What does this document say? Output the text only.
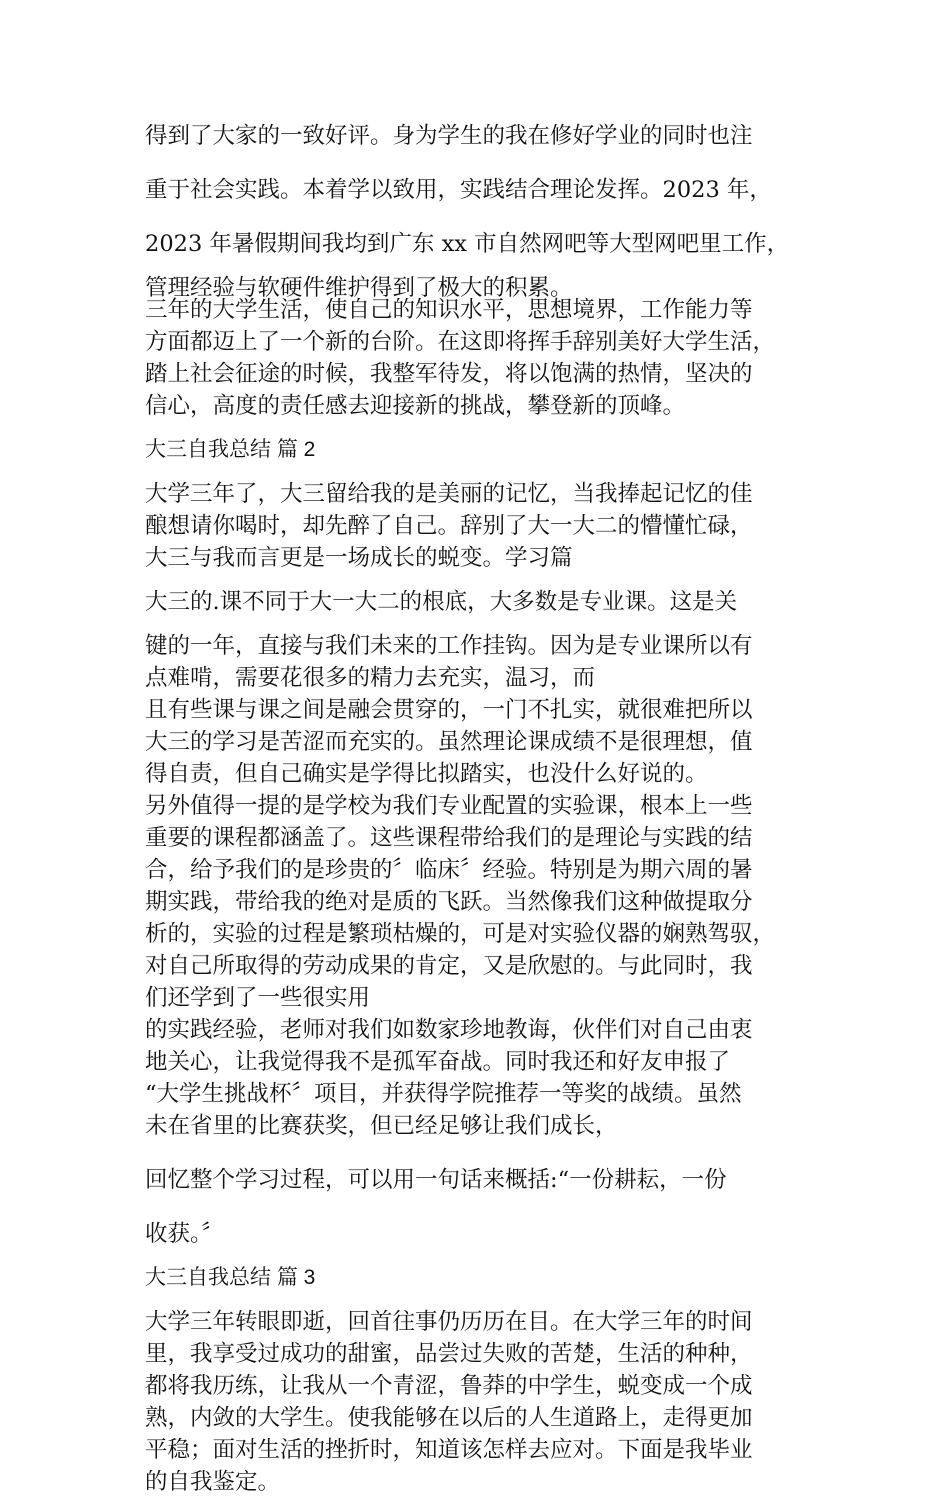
得到了大家的一致好评。身为学生的我在修好学业的同时也注
重于社会实践。本着学以致用，实践结合理论发挥。2023 年，
2023 年暑假期间我均到广东 xx 市自然网吧等大型网吧里工作，
管理经验与软硬件维护得到了极大的积累。
三年的大学生活，使自己的知识水平，思想境界，工作能力等
方面都迈上了一个新的台阶。在这即将挥手辞别美好大学生活，
踏上社会征途的时候，我整军待发，将以饱满的热情，坚决的
信心，高度的责任感去迎接新的挑战，攀登新的顶峰。
大三自我总结 篇 2
大学三年了，大三留给我的是美丽的记忆，当我捧起记忆的佳
酿想请你喝时，却先醉了自己。辞别了大一大二的懵懂忙碌，
大三与我而言更是一场成长的蜕变。学习篇
大三的.课不同于大一大二的根底，大多数是专业课。这是关
键的一年，直接与我们未来的工作挂钩。因为是专业课所以有
点难啃，需要花很多的精力去充实，温习，而
且有些课与课之间是融会贯穿的，一门不扎实，就很难把所以
大三的学习是苦涩而充实的。虽然理论课成绩不是很理想，值
得自责，但自己确实是学得比拟踏实，也没什么好说的。
另外值得一提的是学校为我们专业配置的实验课，根本上一些
重要的课程都涵盖了。这些课程带给我们的是理论与实践的结
合，给予我们的是珍贵的〞临床〞经验。特别是为期六周的暑
期实践，带给我的绝对是质的飞跃。当然像我们这种做提取分
析的，实验的过程是繁琐枯燥的，可是对实验仪器的娴熟驾驭，
对自己所取得的劳动成果的肯定，又是欣慰的。与此同时，我
们还学到了一些很实用
的实践经验，老师对我们如数家珍地教诲，伙伴们对自己由衷
地关心，让我觉得我不是孤军奋战。同时我还和好友申报了
“大学生挑战杯〞项目，并获得学院推荐一等奖的战绩。虽然
未在省里的比赛获奖，但已经足够让我们成长，
回忆整个学习过程，可以用一句话来概括:“一份耕耘，一份
收获。〞
大三自我总结 篇 3
大学三年转眼即逝，回首往事仍历历在目。在大学三年的时间
里，我享受过成功的甜蜜，品尝过失败的苦楚，生活的种种，
都将我历练，让我从一个青涩，鲁莽的中学生，蜕变成一个成
熟，内敛的大学生。使我能够在以后的人生道路上，走得更加
平稳；面对生活的挫折时，知道该怎样去应对。下面是我毕业
的自我鉴定。
